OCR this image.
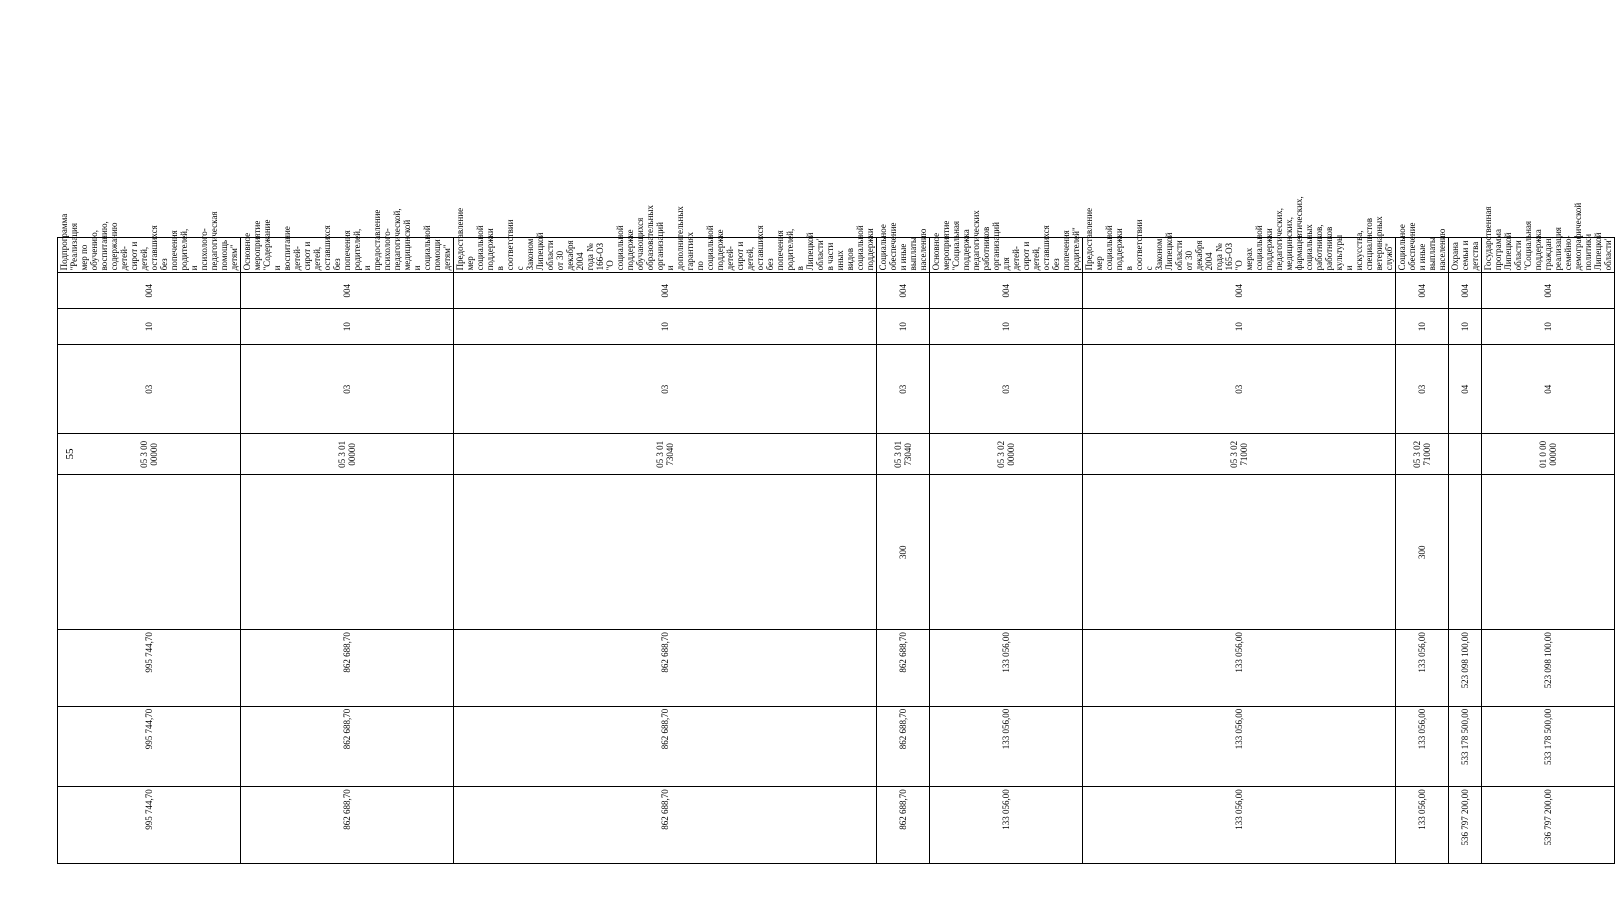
55
995 744,70	995 744,70	995 744,70		05 3 00 00000	03	10	004	Подпрограмма "Реализация мер по обучению, воспитанию, содержанию детей-сирот и детей, оставшихся без попечения родителей, и психолого-педагогическая помощь детям"
862 688,70	862 688,70	862 688,70		05 3 01 00000	03	10	004	Основное мероприятие "Содержание и воспитание детей-сирот и детей, оставшихся без попечения родителей, и предоставление психолого-педагогической, медицинской и социальной помощи детям"
862 688,70	862 688,70	862 688,70		05 3 01 73040	03	10	004	Предоставление мер социальной поддержки в соответствии с Законом Липецкой области от 30 декабря 2004 года № 166-ОЗ "О социальной поддержке обучающихся образовательных организаций и дополнительных гарантиях по социальной поддержке детей-сирот и детей, оставшихся без попечения родителей, в Липецкой области" в части иных видов социальной поддержки
862 688,70	862 688,70	862 688,70	300	05 3 01 73040	03	10	004	Социальное обеспечение и иные выплаты населению
133 056,00	133 056,00	133 056,00		05 3 02 00000	03	10	004	Основное мероприятие "Социальная поддержка педагогических работников организаций для детей-сирот и детей, оставшихся без попечения родителей"
133 056,00	133 056,00	133 056,00		05 3 02 71000	03	10	004	Предоставление мер социальной поддержки в соответствии с Законом Липецкой области от 30 декабря 2004 года № 165-ОЗ "О мерах социальной поддержки педагогических, медицинских, фармацевтических, социальных работников, работников культуры и искусства, специалистов ветеринарных служб"
133 056,00	133 056,00	133 056,00	300	05 3 02 71000	03	10	004	Социальное обеспечение и иные выплаты населению
536 797 200,00	533 178 500,00	523 098 100,00			04	10	004	Охрана семьи и детства
536 797 200,00	533 178 500,00	523 098 100,00		01 0 00 00000	04	10	004	Государственная программа Липецкой области "Социальная поддержка граждан, реализация семейно-демографической политики Липецкой области"
